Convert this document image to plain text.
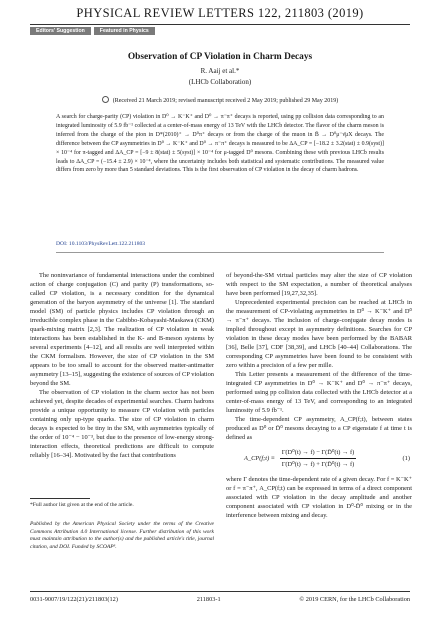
PHYSICAL REVIEW LETTERS 122, 211803 (2019)
Editors' Suggestion	Featured in Physics
Observation of CP Violation in Charm Decays
R. Aaij et al.*
(LHCb Collaboration)
(Received 21 March 2019; revised manuscript received 2 May 2019; published 29 May 2019)
A search for charge-parity (CP) violation in D⁰ → K⁻K⁺ and D⁰ → π⁻π⁺ decays is reported, using pp collision data corresponding to an integrated luminosity of 5.9 fb⁻¹ collected at a center-of-mass energy of 13 TeV with the LHCb detector. The flavor of the charm meson is inferred from the charge of the pion in D*(2010)⁺ → D⁰π⁺ decays or from the charge of the muon in B̄ → D⁰μ⁻ν̄μX decays. The difference between the CP asymmetries in D⁰ → K⁻K⁺ and D⁰ → π⁻π⁺ decays is measured to be ΔA_CP = [−18.2 ± 3.2(stat) ± 0.9(syst)] × 10⁻⁴ for π-tagged and ΔA_CP = [−9 ± 8(stat) ± 5(syst)] × 10⁻⁴ for μ-tagged D⁰ mesons. Combining these with previous LHCb results leads to ΔA_CP = (−15.4 ± 2.9) × 10⁻⁴, where the uncertainty includes both statistical and systematic contributions. The measured value differs from zero by more than 5 standard deviations. This is the first observation of CP violation in the decay of charm hadrons.
DOI: 10.1103/PhysRevLett.122.211803

The noninvariance of fundamental interactions under the combined action of charge conjugation (C) and parity (P) transformations, so-called CP violation, is a necessary condition for the dynamical generation of the baryon asymmetry of the universe [1]. The standard model (SM) of particle physics includes CP violation through an irreducible complex phase in the Cabibbo-Kobayashi-Maskawa (CKM) quark-mixing matrix [2,3]. The realization of CP violation in weak interactions has been established in the K- and B-meson systems by several experiments [4–12], and all results are well interpreted within the CKM formalism. However, the size of CP violation in the SM appears to be too small to account for the observed matter-antimatter asymmetry [13–15], suggesting the existence of sources of CP violation beyond the SM.

The observation of CP violation in the charm sector has not been achieved yet, despite decades of experimental searches. Charm hadrons provide a unique opportunity to measure CP violation with particles containing only up-type quarks. The size of CP violation in charm decays is expected to be tiny in the SM, with asymmetries typically of the order of 10⁻⁴ − 10⁻³, but due to the presence of low-energy strong-interaction effects, theoretical predictions are difficult to compute reliably [16–34]. Motivated by the fact that contributions

of beyond-the-SM virtual particles may alter the size of CP violation with respect to the SM expectation, a number of theoretical analyses have been performed [19,27,32,35].

Unprecedented experimental precision can be reached at LHCb in the measurement of CP-violating asymmetries in D⁰ → K⁻K⁺ and D⁰ → π⁻π⁺ decays. The inclusion of charge-conjugate decay modes is implied throughout except in asymmetry definitions. Searches for CP violation in these decay modes have been performed by the BABAR [36], Belle [37], CDF [38,39], and LHCb [40–44] Collaborations. The corresponding CP asymmetries have been found to be consistent with zero within a precision of a few per mille.

This Letter presents a measurement of the difference of the time-integrated CP asymmetries in D⁰ → K⁻K⁺ and D⁰ → π⁻π⁺ decays, performed using pp collision data collected with the LHCb detector at a center-of-mass energy of 13 TeV, and corresponding to an integrated luminosity of 5.9 fb⁻¹.

The time-dependent CP asymmetry, A_CP(f;t), between states produced as D⁰ or D̄⁰ mesons decaying to a CP eigenstate f at time t is defined as

A_CP(f;t) ≡ $\frac{\text{Γ(D⁰(t) → f) − Γ(D̄⁰(t) → f)}}{\text{Γ(D⁰(t) → f) + Γ(D̄⁰(t) → f)}}$	(1)

where Γ denotes the time-dependent rate of a given decay. For f = K⁻K⁺ or f = π⁻π⁺, A_CP(f;t) can be expressed in terms of a direct component associated with CP violation in the decay amplitude and another component associated with CP violation in D⁰-D̄⁰ mixing or in the interference between mixing and decay.

*Full author list given at the end of the article.
Published by the American Physical Society under the terms of the Creative Commons Attribution 4.0 International license. Further distribution of this work must maintain attribution to the author(s) and the published article's title, journal citation, and DOI. Funded by SCOAP³.
0031-9007/19/122(21)/211803(12)	211803-1	© 2019 CERN, for the LHCb Collaboration
